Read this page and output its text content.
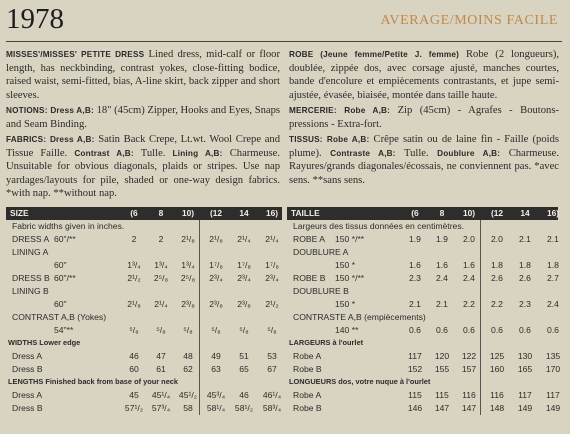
1978	AVERAGE/MOINS FACILE

MISSES'/MISSES' PETITE DRESS Lined dress, mid-calf or floor length, has neckbinding, contrast yokes, close-fitting bodice, raised waist, semi-fitted, bias, A-line skirt, back zipper and short sleeves.

NOTIONS: Dress A,B: 18" (45cm) Zipper, Hooks and Eyes, Snaps and Seam Binding.

FABRICS: Dress A,B: Satin Back Crepe, Lt.wt. Wool Crepe and Tissue Faille. Contrast A,B: Tulle. Lining A,B: Charmeuse. Unsuitable for obvious diagonals, plaids or stripes. Use nap yardages/layouts for pile, shaded or one-way design fabrics. *with nap. **without nap.

ROBE (Jeune femme/Petite J. femme) Robe (2 longueurs), doublée, zippée dos, avec corsage ajusté, manches courtes, bande d'encolure et empiècements contrastants, et jupe semi-ajustée, évasée, biaisée, montée dans taille haute.

MERCERIE: Robe A,B: Zip (45cm) - Agrafes - Boutons-pressions - Extra-fort.

TISSUS: Robe A,B: Crêpe satin ou de laine fin - Faille (poids plume). Contraste A,B: Tulle. Doublure A,B: Charmeuse. Rayures/grands diagonales/écossais, ne conviennent pas. *avec sens. **sans sens.

SIZE	(6	8	10)	(12	14	16)
Fabric widths given in inches.
DRESS A 60"/**	2	2	2¹/₈	2¹/₈	2¹/₄	2¹/₄
LINING A
60"	1³/₄	1³/₄	1³/₄	1⁷/₈	1⁷/₈	1⁷/₈
DRESS B 60"/**	2¹/₂	2⁵/₈	2⁵/₈	2³/₄	2³/₄	2³/₄
LINING B
60"	2¹/₈	2¹/₄	2³/₈	2³/₈	2³/₈	2¹/₂
CONTRAST A,B (Yokes)
54"**	⁵/₈	⁵/₈	⁵/₈	⁵/₈	⁵/₈	⁵/₈
WIDTHS Lower edge
Dress A	46	47	48	49	51	53
Dress B	60	61	62	63	65	67
LENGTHS Finished back from base of your neck
Dress A	45	45¹/₄ 45¹/₂ 45³/₄	46	46¹/₄
Dress B	57¹/₂ 57³/₄	58	58¹/₄ 58¹/₂ 58³/₄
TAILLE	(6	8	10)	(12	14	16)
Largeurs des tissus données en centimètres.
ROBE A 150 */**	1.9	1.9	2.0	2.0	2.1	2.1
DOUBLURE A
150 *	1.6	1.6	1.6	1.8	1.8	1.8
ROBE B 150 */**	2.3	2.4	2.4	2.6	2.6	2.7
DOUBLURE B
150 *	2.1	2.1	2.2	2.2	2.3	2.4
CONTRASTE A,B (empiècements)
140 **	0.6	0.6	0.6	0.6	0.6	0.6
LARGEURS à l'ourlet
Robe A	117	120	122	125	130	135
Robe B	152	155	157	160	165	170
LONGUEURS dos, votre nuque à l'ourlet
Robe A	115	115	116	116	117	117
Robe B	146	147	147	148	149	149
